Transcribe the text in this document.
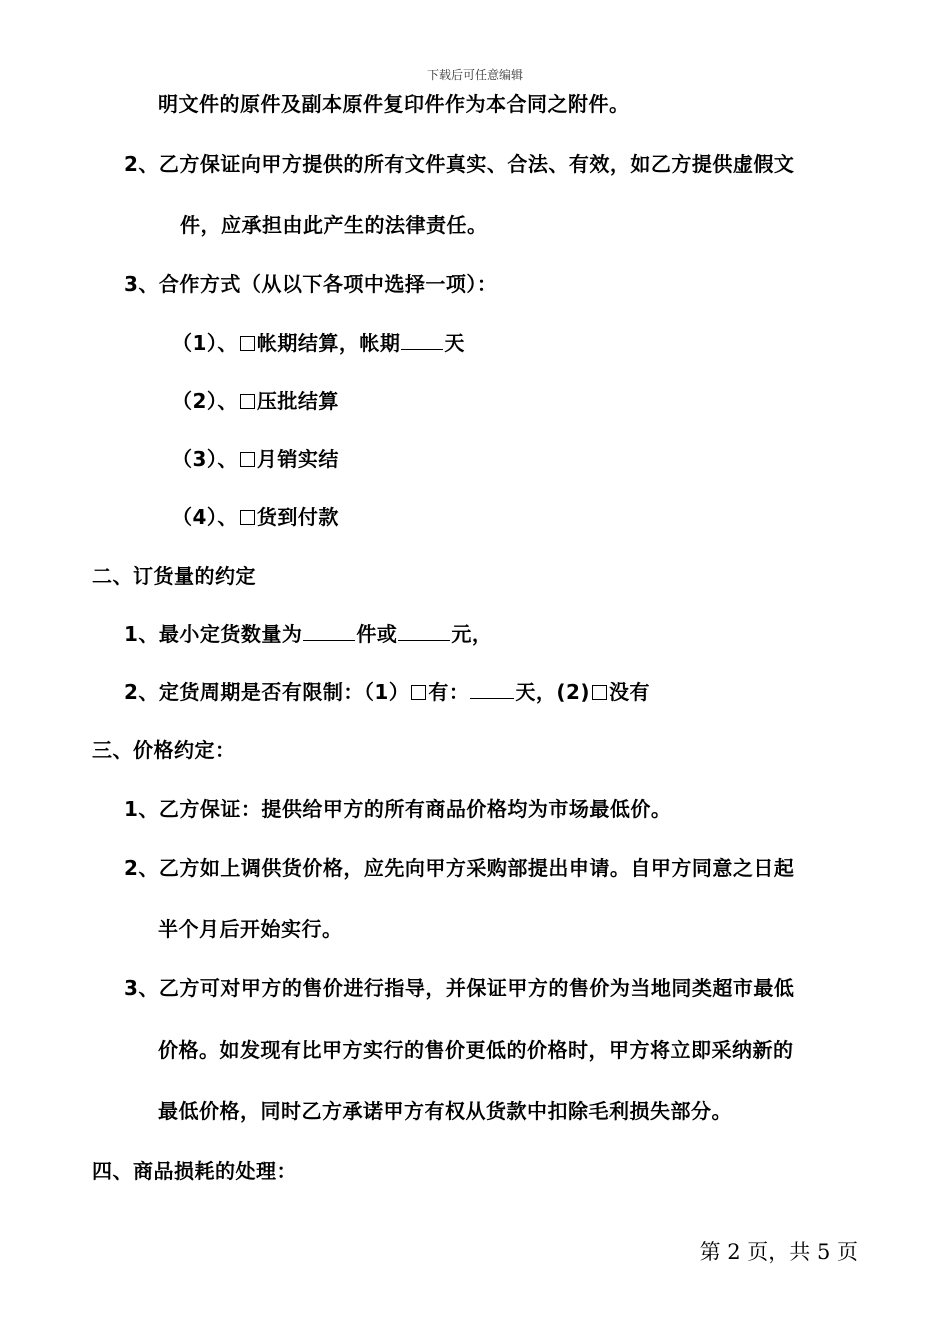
下载后可任意编辑
明文件的原件及副本原件复印件作为本合同之附件。
2、乙方保证向甲方提供的所有文件真实、合法、有效，如乙方提供虚假文
件，应承担由此产生的法律责任。
3、合作方式（从以下各项中选择一项）：
（1）、 帐期结算，帐期 天
（2）、 压批结算
（3）、 月销实结
（4）、 货到付款
二、订货量的约定
1、最小定货数量为	件或	元，
2、定货周期是否有限制：（1） 有： 天，(2) 没有
三、价格约定：
1、乙方保证：提供给甲方的所有商品价格均为市场最低价。
2、乙方如上调供货价格，应先向甲方采购部提出申请。自甲方同意之日起
半个月后开始实行。
3、乙方可对甲方的售价进行指导，并保证甲方的售价为当地同类超市最低
价格。如发现有比甲方实行的售价更低的价格时，甲方将立即采纳新的
最低价格，同时乙方承诺甲方有权从货款中扣除毛利损失部分。
四、商品损耗的处理：
第 2 页，共 5 页
